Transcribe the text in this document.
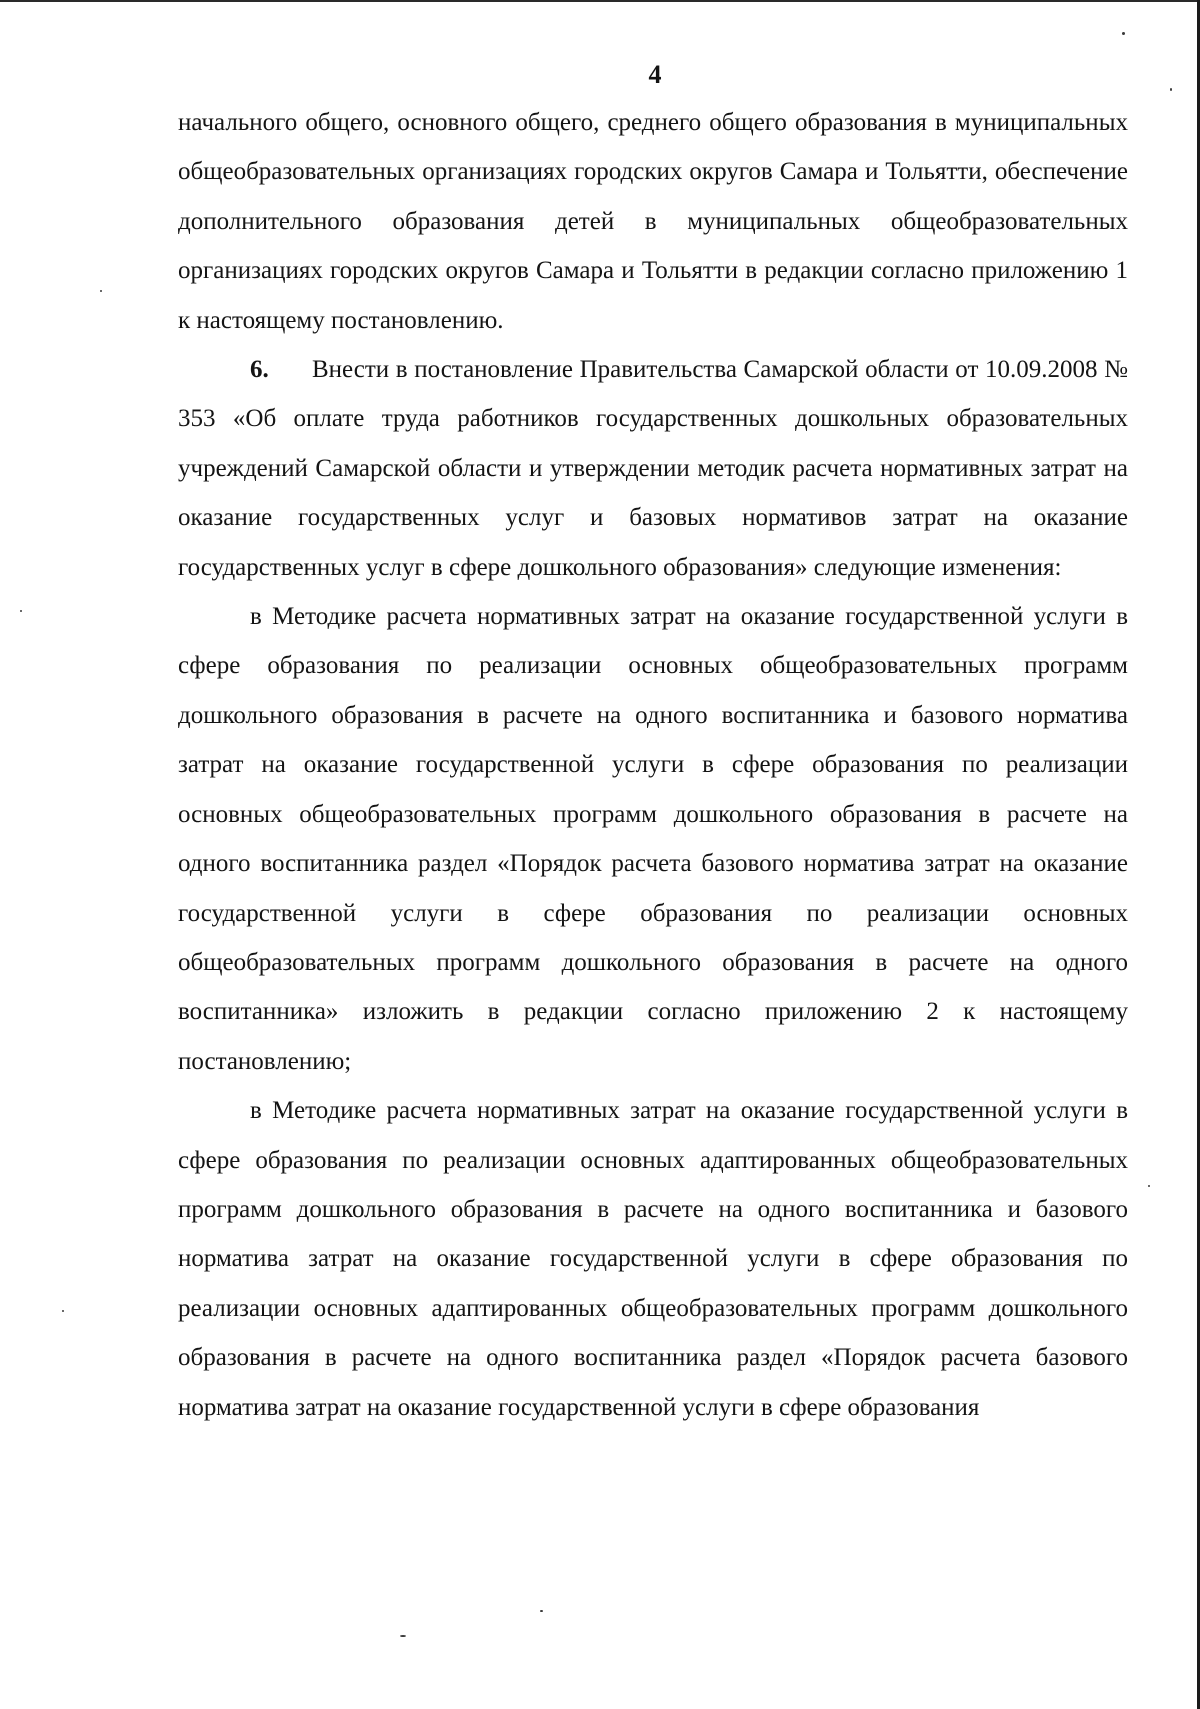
4

начального общего, основного общего, среднего общего образования в муниципальных общеобразовательных организациях городских округов Самара и Тольятти, обеспечение дополнительного образования детей в муниципальных общеобразовательных организациях городских округов Самара и Тольятти в редакции согласно приложению 1 к настоящему постановлению.

6. Внести в постановление Правительства Самарской области от 10.09.2008 № 353 «Об оплате труда работников государственных дошкольных образовательных учреждений Самарской области и утверждении методик расчета нормативных затрат на оказание государственных услуг и базовых нормативов затрат на оказание государственных услуг в сфере дошкольного образования» следующие изменения:

в Методике расчета нормативных затрат на оказание государственной услуги в сфере образования по реализации основных общеобразовательных программ дошкольного образования в расчете на одного воспитанника и базового норматива затрат на оказание государственной услуги в сфере образования по реализации основных общеобразовательных программ дошкольного образования в расчете на одного воспитанника раздел «Порядок расчета базового норматива затрат на оказание государственной услуги в сфере образования по реализации основных общеобразовательных программ дошкольного образования в расчете на одного воспитанника» изложить в редакции согласно приложению 2 к настоящему постановлению;

в Методике расчета нормативных затрат на оказание государственной услуги в сфере образования по реализации основных адаптированных общеобразовательных программ дошкольного образования в расчете на одного воспитанника и базового норматива затрат на оказание государственной услуги в сфере образования по реализации основных адаптированных общеобразовательных программ дошкольного образования в расчете на одного воспитанника раздел «Порядок расчета базового норматива затрат на оказание государственной услуги в сфере образования
